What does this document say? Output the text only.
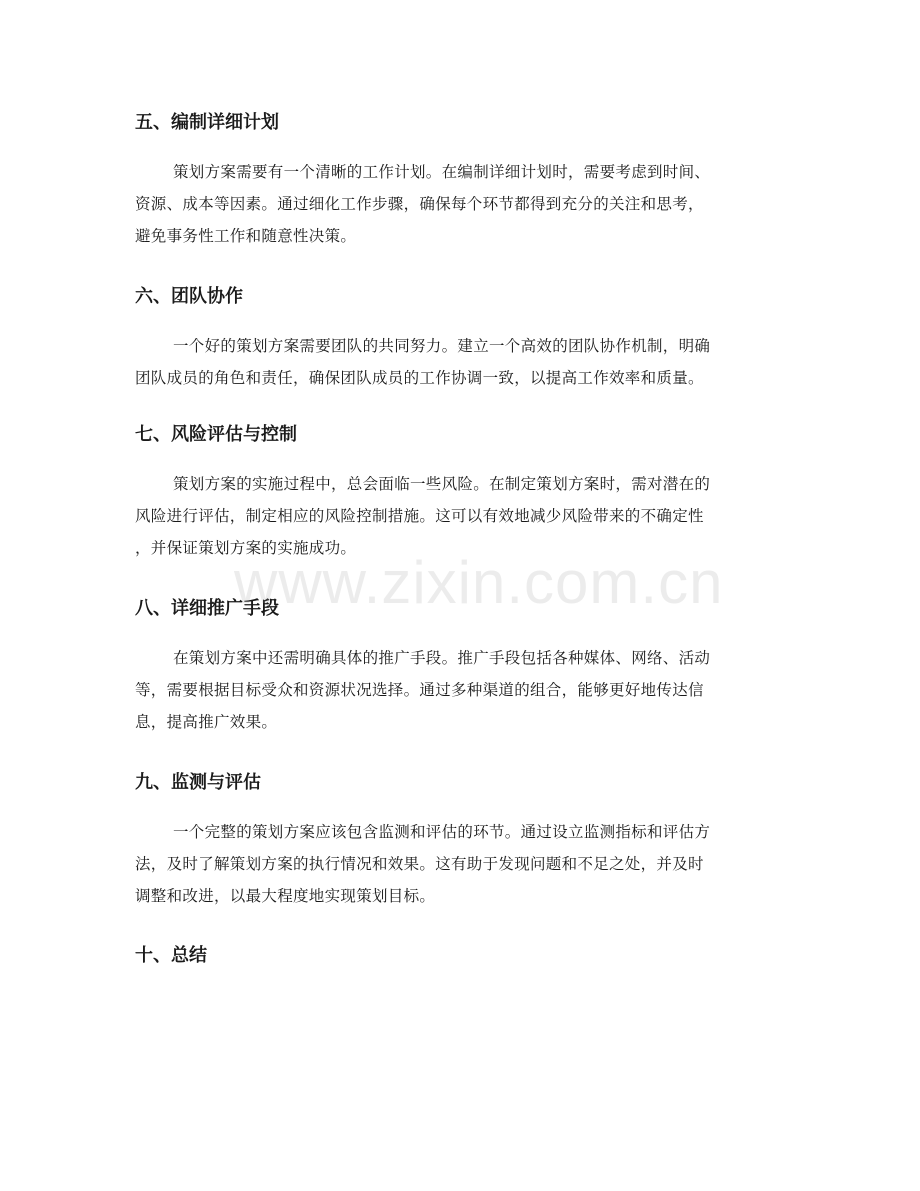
五、编制详细计划
策划方案需要有一个清晰的工作计划。在编制详细计划时，需要考虑到时间、
资源、成本等因素。通过细化工作步骤，确保每个环节都得到充分的关注和思考，
避免事务性工作和随意性决策。
六、团队协作
一个好的策划方案需要团队的共同努力。建立一个高效的团队协作机制，明确
团队成员的角色和责任，确保团队成员的工作协调一致，以提高工作效率和质量。
七、风险评估与控制
策划方案的实施过程中，总会面临一些风险。在制定策划方案时，需对潜在的
风险进行评估，制定相应的风险控制措施。这可以有效地减少风险带来的不确定性
，并保证策划方案的实施成功。
八、详细推广手段
在策划方案中还需明确具体的推广手段。推广手段包括各种媒体、网络、活动
等，需要根据目标受众和资源状况选择。通过多种渠道的组合，能够更好地传达信
息，提高推广效果。
九、监测与评估
一个完整的策划方案应该包含监测和评估的环节。通过设立监测指标和评估方
法，及时了解策划方案的执行情况和效果。这有助于发现问题和不足之处，并及时
调整和改进，以最大程度地实现策划目标。
十、总结
www.zixin.com.cn
